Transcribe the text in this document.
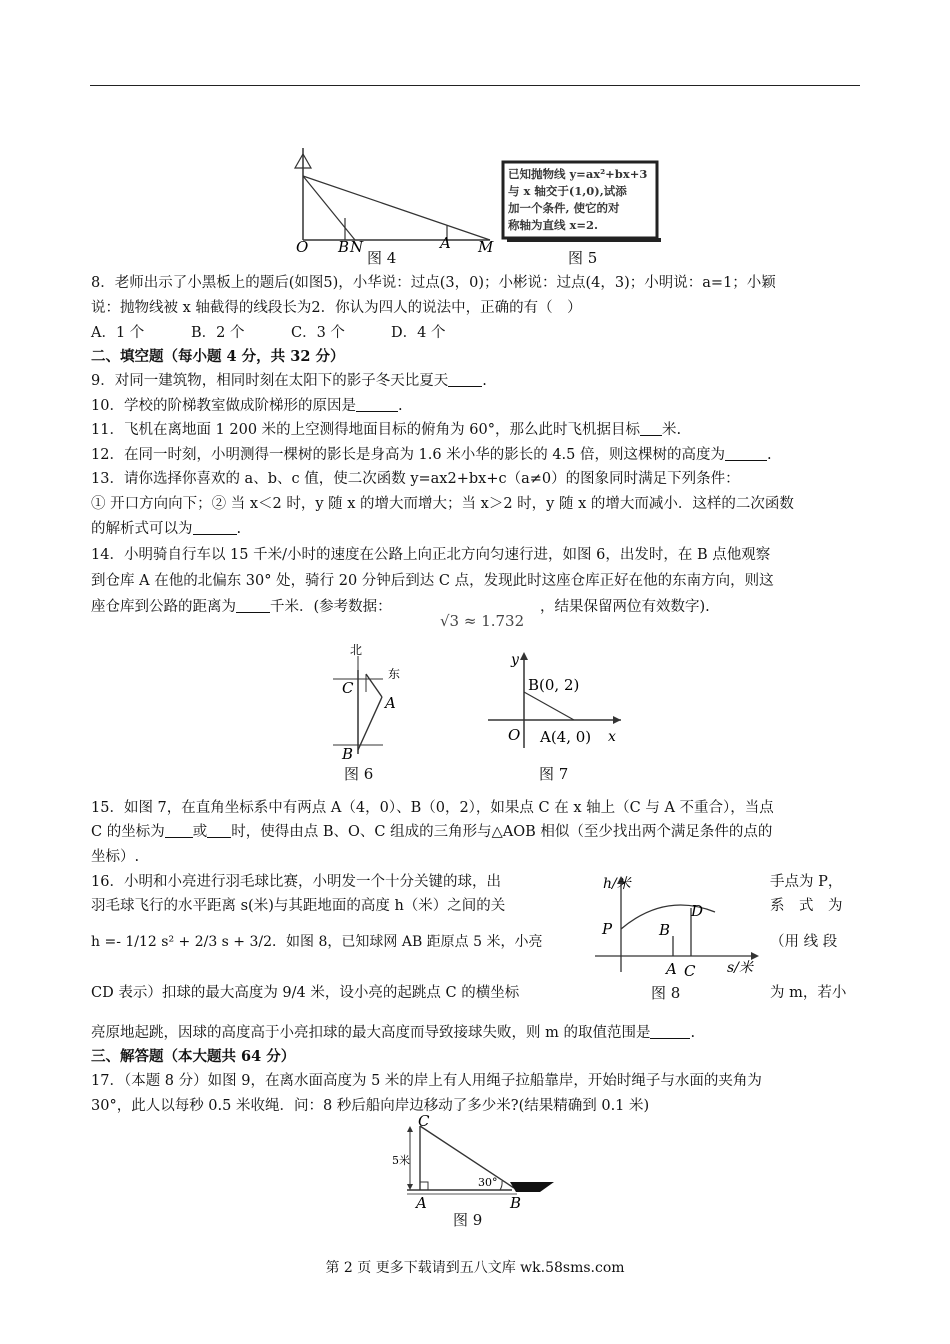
O B N	A M
图 4
已知抛物线 y=ax²+bx+3
与 x 轴交于(1,0),试添
加一个条件, 使它的对
称轴为直线 x=2.
图 5

8．老师出示了小黑板上的题后(如图5)，小华说：过点(3，0)；小彬说：过点(4，3)；小明说：a=1；小颖

说：抛物线被 x 轴截得的线段长为2．你认为四人的说法中，正确的有（　）

A．1 个	B．2 个	C．3 个	D．4 个

二、填空题（每小题 4 分，共 32 分）

9．对同一建筑物，相同时刻在太阳下的影子冬天比夏天 .

10．学校的阶梯教室做成阶梯形的原因是	.

11．飞机在离地面 1 200 米的上空测得地面目标的俯角为 60°，那么此时飞机据目标 米.

12．在同一时刻，小明测得一棵树的影长是身高为 1.6 米小华的影长的 4.5 倍，则这棵树的高度为	.

13．请你选择你喜欢的 a、b、c 值，使二次函数 y=ax2+bx+c（a≠0）的图象同时满足下列条件：

① 开口方向向下；② 当 x＜2 时，y 随 x 的增大而增大；当 x＞2 时，y 随 x 的增大而减小．这样的二次函数

的解析式可以为	.

14．小明骑自行车以 15 千米/小时的速度在公路上向正北方向匀速行进，如图 6，出发时，在 B 点他观察

到仓库 A 在他的北偏东 30° 处，骑行 20 分钟后到达 C 点，发现此时这座仓库正好在他的东南方向，则这

座仓库到公路的距离为 千米．(参考数据：

√3 ≈ 1.732
，结果保留两位有效数字).
北
东
C
A
B
图 6
y
x
O
B(0, 2)
A(4, 0)
图 7

15．如图 7，在直角坐标系中有两点 A（4，0）、B（0，2），如果点 C 在 x 轴上（C 与 A 不重合），当点

C 的坐标为 或 时，使得由点 B、O、C 组成的三角形与△AOB 相似（至少找出两个满足条件的点的

坐标）.

16．小明和小亮进行羽毛球比赛，小明发一个十分关键的球，出
羽毛球飞行的水平距离 s(米)与其距地面的高度 h（米）之间的关
h =- 1/12 s² + 2/3 s + 3/2．如图 8，已知球网 AB 距原点 5 米，小亮
CD 表示）扣球的最大高度为 9/4 米，设小亮的起跳点 C 的横坐标
手点为 P，
系　式　为
（用 线 段
为 m，若小
h/米
s/米
P	B
D
A C
图 8

亮原地起跳，因球的高度高于小亮扣球的最大高度而导致接球失败，则 m 的取值范围是	.

三、解答题（本大题共 64 分）

17．（本题 8 分）如图 9，在离水面高度为 5 米的岸上有人用绳子拉船靠岸，开始时绳子与水面的夹角为

30°，此人以每秒 0.5 米收绳．问：8 秒后船向岸边移动了多少米?(结果精确到 0.1 米)

C
A	B
5米
30°
图 9
第 2 页 更多下载请到五八文库 wk.58sms.com
